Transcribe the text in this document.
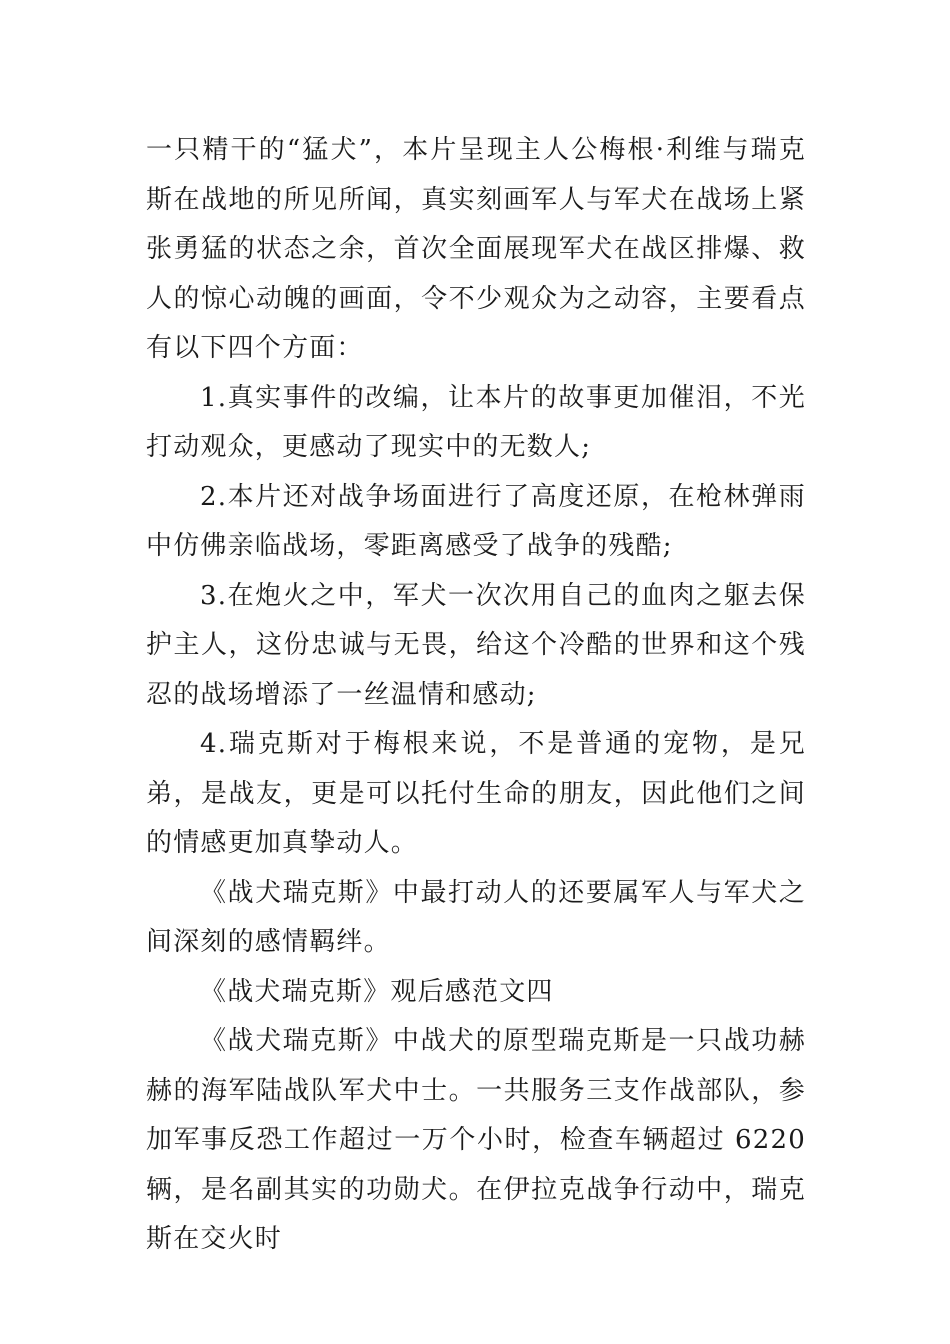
一只精干的“猛犬”，本片呈现主人公梅根·利维与瑞克斯在战地的所见所闻，真实刻画军人与军犬在战场上紧张勇猛的状态之余，首次全面展现军犬在战区排爆、救人的惊心动魄的画面，令不少观众为之动容，主要看点有以下四个方面：

1.真实事件的改编，让本片的故事更加催泪，不光打动观众，更感动了现实中的无数人;

2.本片还对战争场面进行了高度还原，在枪林弹雨中仿佛亲临战场，零距离感受了战争的残酷;

3.在炮火之中，军犬一次次用自己的血肉之躯去保护主人，这份忠诚与无畏，给这个冷酷的世界和这个残忍的战场增添了一丝温情和感动;

4.瑞克斯对于梅根来说，不是普通的宠物，是兄弟，是战友，更是可以托付生命的朋友，因此他们之间的情感更加真挚动人。

《战犬瑞克斯》中最打动人的还要属军人与军犬之间深刻的感情羁绊。

《战犬瑞克斯》观后感范文四

《战犬瑞克斯》中战犬的原型瑞克斯是一只战功赫赫的海军陆战队军犬中士。一共服务三支作战部队，参加军事反恐工作超过一万个小时，检查车辆超过 6220 辆，是名副其实的功勋犬。在伊拉克战争行动中，瑞克斯在交火时
